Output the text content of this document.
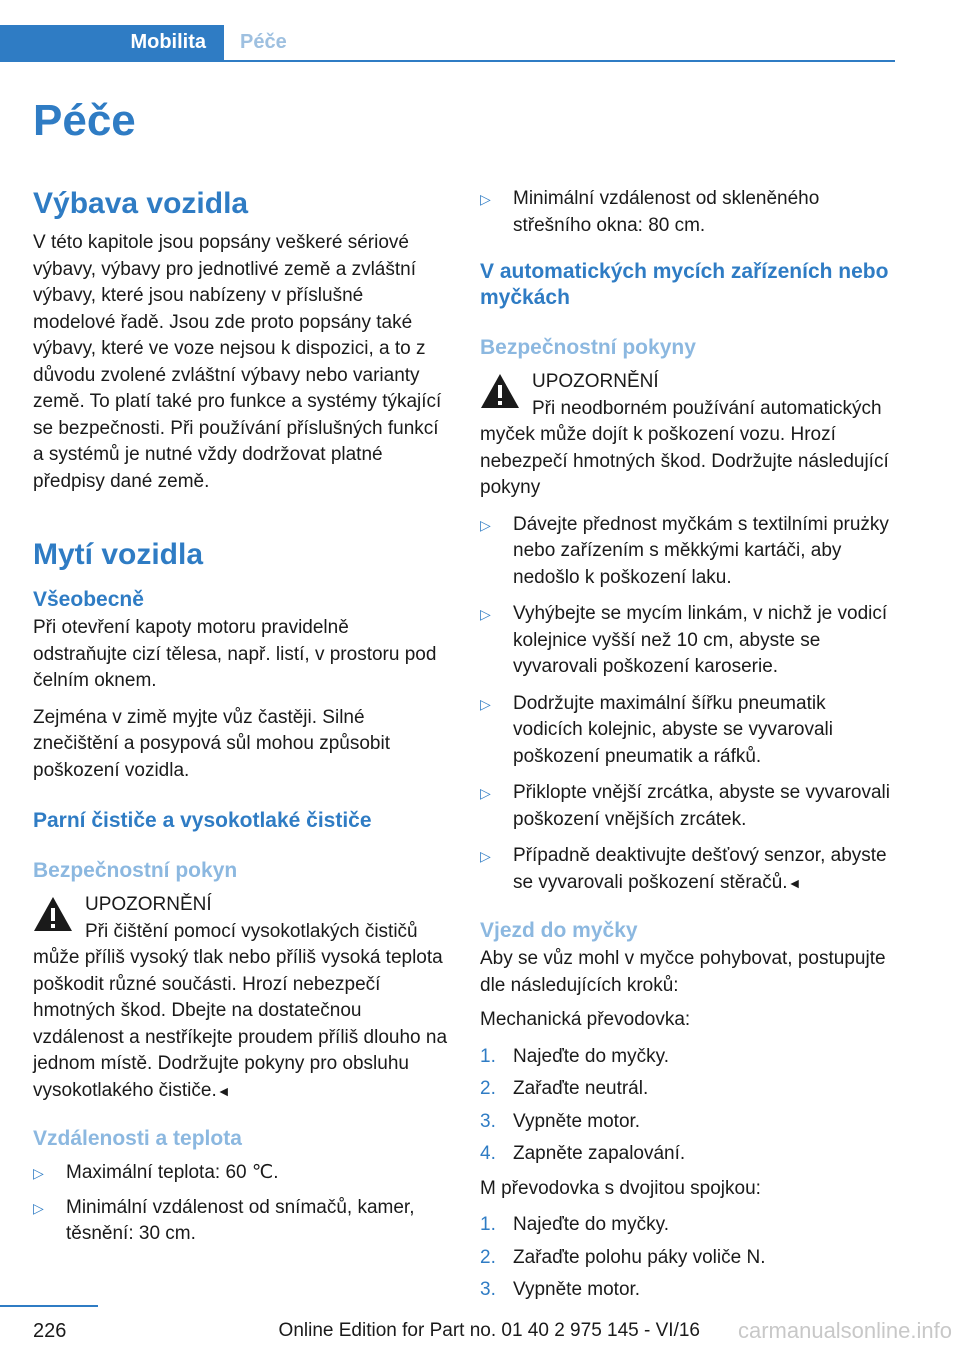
Mobilita Péče
Péče
Výbava vozidla

V této kapitole jsou popsány veškeré sériové výbavy, výbavy pro jednotlivé země a zvláštní výbavy, které jsou nabízeny v příslušné modelové řadě. Jsou zde proto popsány také výbavy, které ve voze nejsou k dispozici, a to z důvodu zvolené zvláštní výbavy nebo varianty země. To platí také pro funkce a systémy týkající se bezpečnosti. Při používání příslušných funkcí a systémů je nutné vždy dodržovat platné předpisy dané země.

Mytí vozidla
Všeobecně

Při otevření kapoty motoru pravidelně odstraňujte cizí tělesa, např. listí, v prostoru pod čelním oknem.

Zejména v zimě myjte vůz častěji. Silné znečištění a posypová sůl mohou způsobit poškození vozidla.

Parní čističe a vysokotlaké čističe
Bezpečnostní pokyn

UPOZORNĚNÍ

Při čištění pomocí vysokotlakých čističů může příliš vysoký tlak nebo příliš vysoká teplota poškodit různé součásti. Hrozí nebezpečí hmotných škod. Dbejte na dostatečnou vzdálenost a nestříkejte proudem příliš dlouho na jednom místě. Dodržujte pokyny pro obsluhu vysokotlakého čističe.◄

Vzdálenosti a teplota
▷ Maximální teplota: 60 ℃.
▷ Minimální vzdálenost od snímačů, kamer, těsnění: 30 cm.
▷ Minimální vzdálenost od skleněného střešního okna: 80 cm.
V automatických mycích zařízeních nebo myčkách
Bezpečnostní pokyny

UPOZORNĚNÍ

Při neodborném používání automatických myček může dojít k poškození vozu. Hrozí nebezpečí hmotných škod. Dodržujte následující pokyny

▷ Dávejte přednost myčkám s textilními prużky nebo zařízením s měkkými kartáči, aby nedošlo k poškození laku.
▷ Vyhýbejte se mycím linkám, v nichž je vodicí kolejnice vyšší než 10 cm, abyste se vyvarovali poškození karoserie.
▷ Dodržujte maximální šířku pneumatik vodicích kolejnic, abyste se vyvarovali poškození pneumatik a ráfků.
▷ Přiklopte vnější zrcátka, abyste se vyvarovali poškození vnějších zrcátek.
▷ Případně deaktivujte dešťový senzor, abyste se vyvarovali poškození stěračů.◄
Vjezd do myčky

Aby se vůz mohl v myčce pohybovat, postupujte dle následujících kroků:

Mechanická převodovka:

1. Najeďte do myčky.
2. Zařaďte neutrál.
3. Vypněte motor.
4. Zapněte zapalování.

M převodovka s dvojitou spojkou:

1. Najeďte do myčky.
2. Zařaďte polohu páky voliče N.
3. Vypněte motor.
226	Online Edition for Part no. 01 40 2 975 145 - VI/16 carmanualsonline.info
